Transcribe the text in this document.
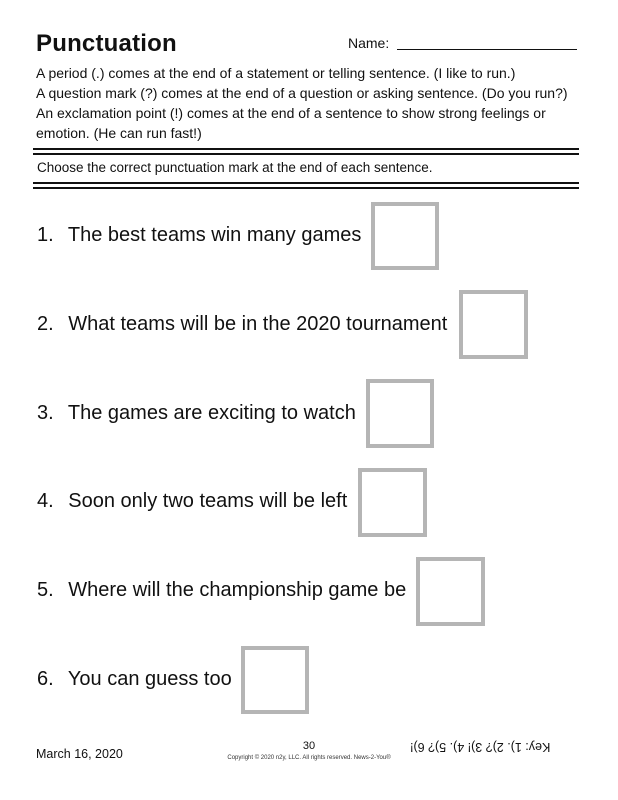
Punctuation	Name:

A period (.) comes at the end of a statement or telling sentence. (I like to run.)

A question mark (?) comes at the end of a question or asking sentence. (Do you run?)

An exclamation point (!) comes at the end of a sentence to show strong feelings or emotion. (He can run fast!)

Choose the correct punctuation mark at the end of each sentence.
1. The best teams win many games
2. What teams will be in the 2020 tournament
3. The games are exciting to watch
4. Soon only two teams will be left
5. Where will the championship game be
6. You can guess too
March 16, 2020
30
Copyright © 2020 n2y, LLC. All rights reserved. News-2-You®
Key: 1). 2)? 3)! 4). 5)? 6)!
